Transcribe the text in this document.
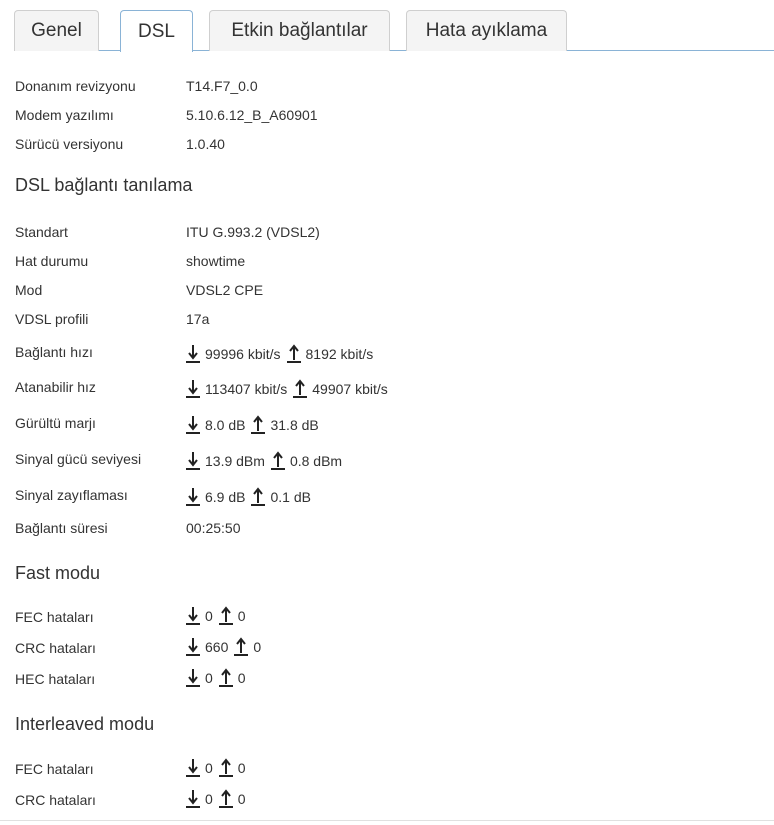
Genel	DSL	Etkin bağlantılar	Hata ayıklama
Donanım revizyonu	T14.F7_0.0
Modem yazılımı	5.10.6.12_B_A60901
Sürücü versiyonu	1.0.40
DSL bağlantı tanılama
Standart	ITU G.993.2 (VDSL2)
Hat durumu	showtime
Mod	VDSL2 CPE
VDSL profili	17a
Bağlantı hızı	99996 kbit/s 8192 kbit/s
Atanabilir hız	113407 kbit/s 49907 kbit/s
Gürültü marjı	8.0 dB 31.8 dB
Sinyal gücü seviyesi	13.9 dBm 0.8 dBm
Sinyal zayıflaması	6.9 dB 0.1 dB
Bağlantı süresi	00:25:50
Fast modu
FEC hataları	0 0
CRC hataları	660 0
HEC hataları	0 0
Interleaved modu
FEC hataları	0 0
CRC hataları	0 0
